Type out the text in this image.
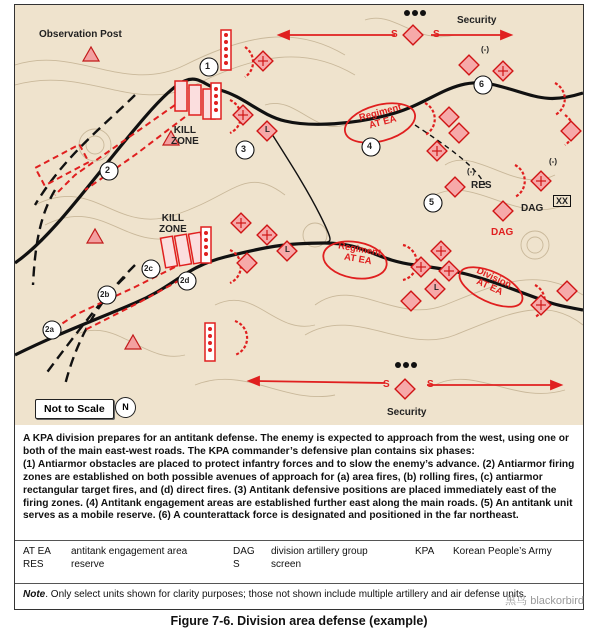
Observation Post
Security
Security
KILL
ZONE
KILL
ZONE
Regiment
AT EA
Regiment
AT EA
Division
AT EA
RES
DAG
DAG
XX
S	S
S	S
L
L
L
(-)
(-)
(-)
1
2
3	4
5
6
2a
2b
2c
2d
Not to Scale	N

A KPA division prepares for an antitank defense. The enemy is expected to approach from the west, using one or both of the main east-west roads. The KPA commander’s defensive plan contains six phases:

(1) Antiarmor obstacles are placed to protect infantry forces and to slow the enemy’s advance. (2) Antiarmor firing zones are established on both possible avenues of approach for (a) area fires, (b) rolling fires, (c) antiarmor rectangular target fires, and (d) direct fires. (3) Antitank defensive positions are placed immediately east of the firing zones. (4) Antitank engagement areas are established further east along the main roads. (5) An antitank unit serves as a mobile reserve. (6) A counterattack force is designated and positioned in the far northeast.

AT EA antitank engagement area
RES	reserve
DAG division artillery group
S	screen
KPA Korean People’s Army
Note. Only select units shown for clarity purposes; those not shown include multiple artillery and air defense units.
Figure 7-6. Division area defense (example)
黑鸟 blackorbird
